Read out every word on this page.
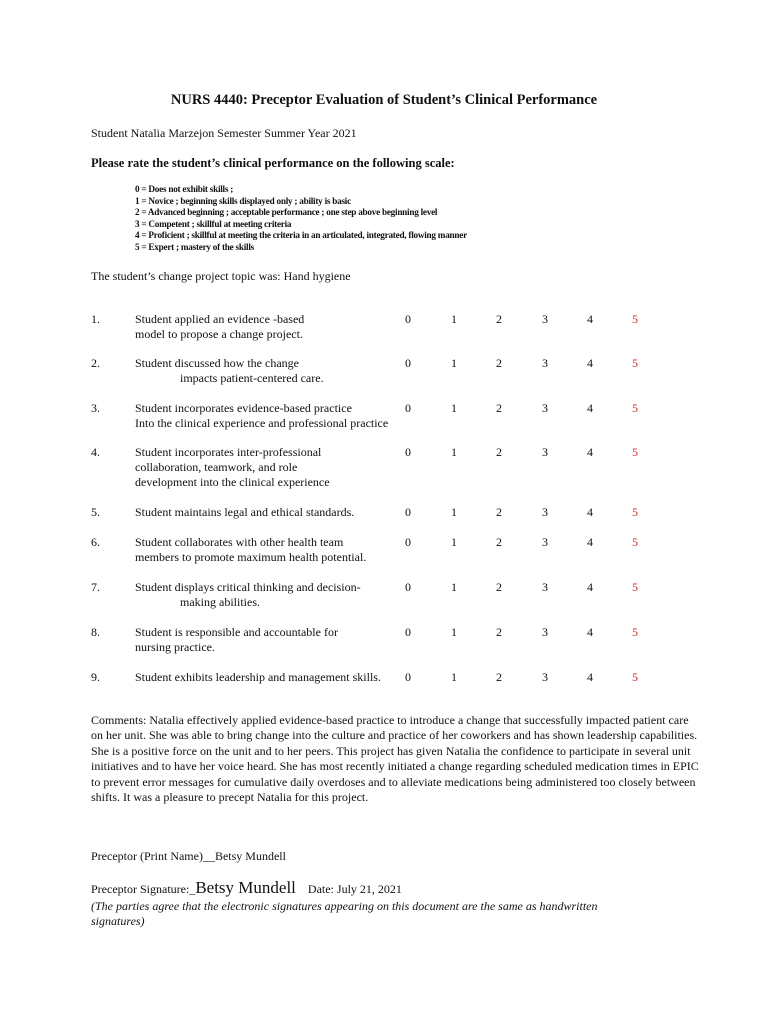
NURS 4440: Preceptor Evaluation of Student’s Clinical Performance
Student Natalia Marzejon Semester Summer Year 2021
Please rate the student’s clinical performance on the following scale:
0 = Does not exhibit skills ;
1 = Novice ; beginning skills displayed only ; ability is basic
2 = Advanced beginning ; acceptable performance ; one step above beginning level
3 = Competent ; skillful at meeting criteria
4 = Proficient ; skillful at meeting the criteria in an articulated, integrated, flowing manner
5 = Expert ; mastery of the skills
The student’s change project topic was: Hand hygiene
1.	Student applied an evidence -based
model to propose a change project.
0	1	2	3	4	5
2.	Student discussed how the change
impacts patient-centered care.
0	1	2	3	4	5
3.	Student incorporates evidence-based practice
Into the clinical experience and professional practice
0	1	2	3	4	5
4.	Student incorporates inter-professional
collaboration, teamwork, and role
development into the clinical experience
0	1	2	3	4	5
5.	Student maintains legal and ethical standards.	0	1	2	3	4	5
6.	Student collaborates with other health team
members to promote maximum health potential.
0	1	2	3	4	5
7.	Student displays critical thinking and decision-
making abilities.
0	1	2	3	4	5
8.	Student is responsible and accountable for
nursing practice.
0	1	2	3	4	5
9.	Student exhibits leadership and management skills. 0	1	2	3	4	5
Comments: Natalia effectively applied evidence-based practice to introduce a change that successfully impacted patient care on her unit. She was able to bring change into the culture and practice of her coworkers and has shown leadership capabilities. She is a positive force on the unit and to her peers. This project has given Natalia the confidence to participate in several unit initiatives and to have her voice heard. She has most recently initiated a change regarding scheduled medication times in EPIC to prevent error messages for cumulative daily overdoses and to alleviate medications being administered too closely between shifts. It was a pleasure to precept Natalia for this project.
Preceptor (Print Name)__Betsy Mundell
Preceptor Signature:_Betsy Mundell Date: July 21, 2021
(The parties agree that the electronic signatures appearing on this document are the same as handwritten signatures)
